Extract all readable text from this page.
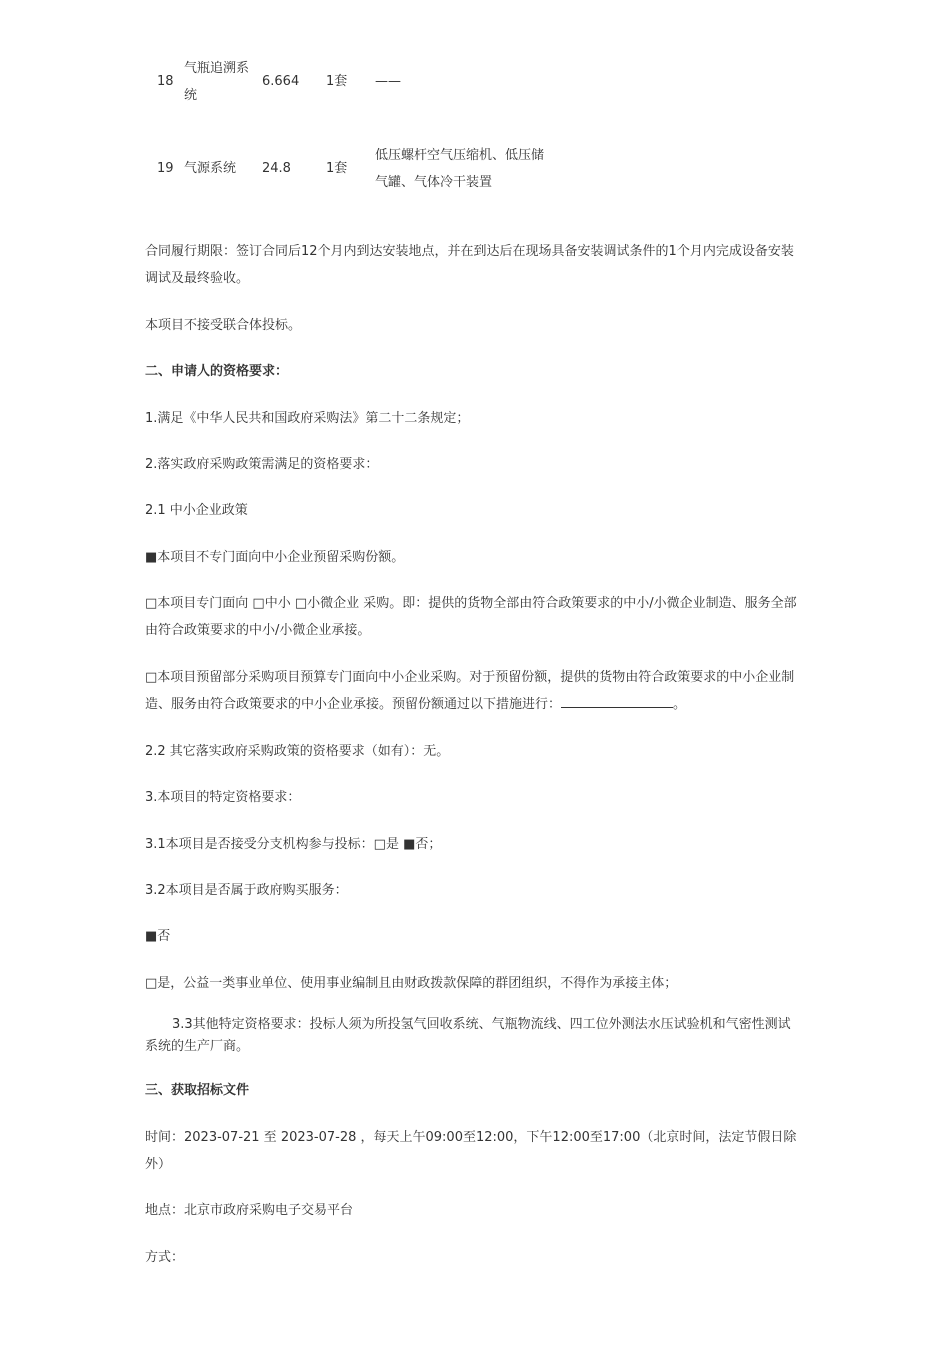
18
气瓶追溯系
统
6.664 1套 ——
19 气源系统 24.8	1套
低压螺杆空气压缩机、低压储
气罐、气体冷干装置

合同履行期限：签订合同后12个月内到达安装地点，并在到达后在现场具备安装调试条件的1个月内完成设备安装
调试及最终验收。

本项目不接受联合体投标。

二、申请人的资格要求：

1.满足《中华人民共和国政府采购法》第二十二条规定；

2.落实政府采购政策需满足的资格要求：

2.1 中小企业政策

■本项目不专门面向中小企业预留采购份额。

□本项目专门面向 □中小 □小微企业 采购。即：提供的货物全部由符合政策要求的中小/小微企业制造、服务全部
由符合政策要求的中小/小微企业承接。

□本项目预留部分采购项目预算专门面向中小企业采购。对于预留份额，提供的货物由符合政策要求的中小企业制
造、服务由符合政策要求的中小企业承接。预留份额通过以下措施进行：	。

2.2 其它落实政府采购政策的资格要求（如有）：无。

3.本项目的特定资格要求：

3.1本项目是否接受分支机构参与投标：□是 ■否；

3.2本项目是否属于政府购买服务：

■否

□是，公益一类事业单位、使用事业编制且由财政拨款保障的群团组织，不得作为承接主体；

3.3其他特定资格要求：投标人须为所投氢气回收系统、气瓶物流线、四工位外测法水压试验机和气密性测试
系统的生产厂商。

三、获取招标文件

时间：2023-07-21 至 2023-07-28 ，每天上午09:00至12:00，下午12:00至17:00（北京时间，法定节假日除
外）

地点：北京市政府采购电子交易平台

方式：
